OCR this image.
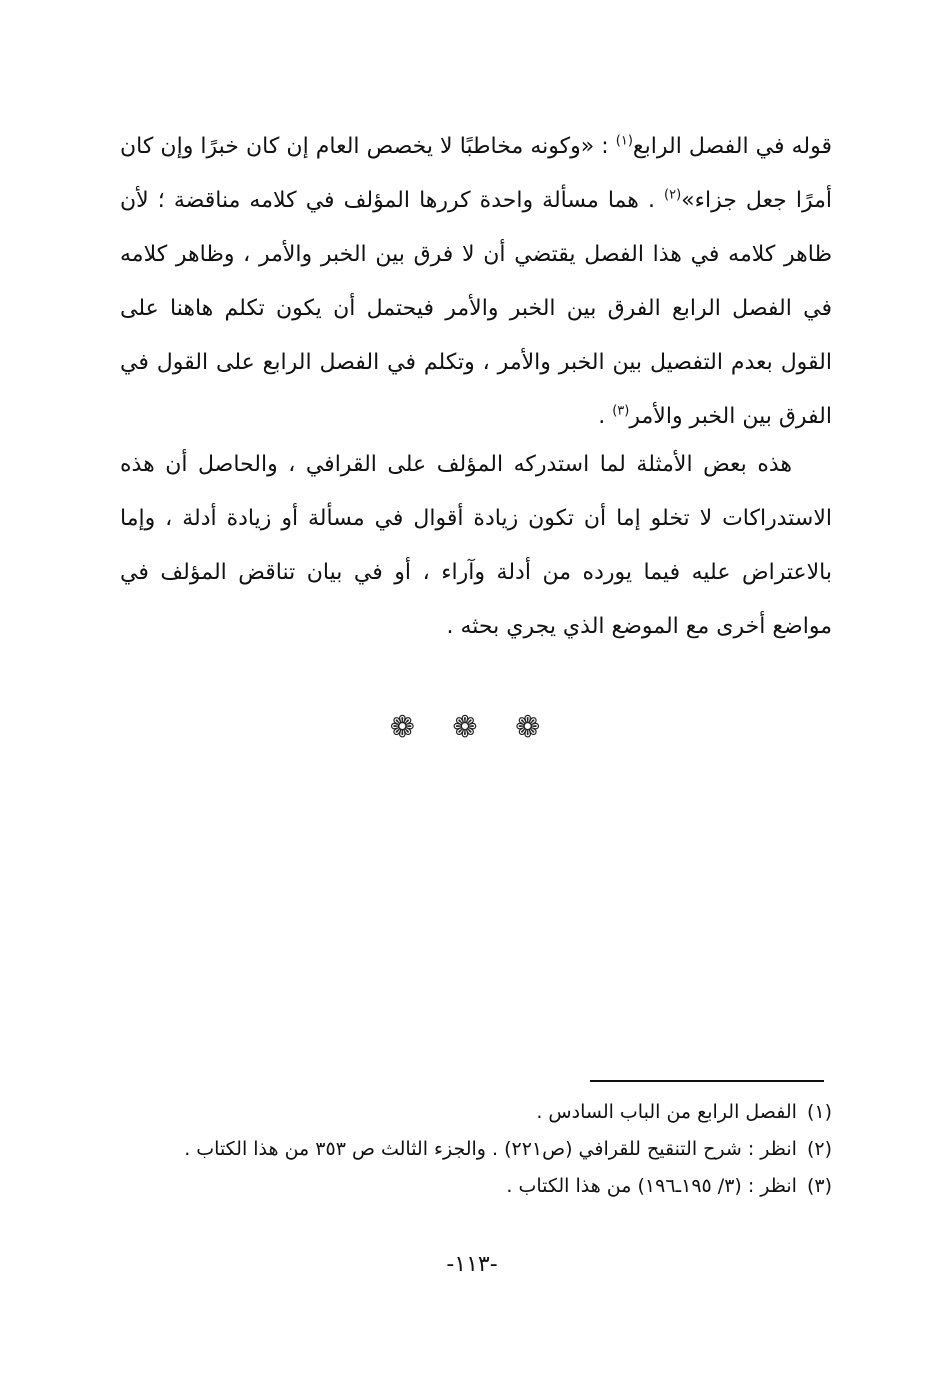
قوله في الفصل الرابع$^{(١)}$ : «وكونه مخاطبًا لا يخصص العام إن كان خبرًا وإن كان أمرًا جعل جزاء»$^{(٢)}$ . هما مسألة واحدة كررها المؤلف في كلامه مناقضة ؛ لأن ظاهر كلامه في هذا الفصل يقتضي أن لا فرق بين الخبر والأمر ، وظاهر كلامه في الفصل الرابع الفرق بين الخبر والأمر فيحتمل أن يكون تكلم هاهنا على القول بعدم التفصيل بين الخبر والأمر ، وتكلم في الفصل الرابع على القول في الفرق بين الخبر والأمر$^{(٣)}$ .

هذه بعض الأمثلة لما استدركه المؤلف على القرافي ، والحاصل أن هذه الاستدراكات لا تخلو إما أن تكون زيادة أقوال في مسألة أو زيادة أدلة ، وإما بالاعتراض عليه فيما يورده من أدلة وآراء ، أو في بيان تناقض المؤلف في مواضع أخرى مع الموضع الذي يجري بحثه .

❁ ❁ ❁
(١)الفصل الرابع من الباب السادس .
(٢)انظر : شرح التنقيح للقرافي (ص٢٢١) . والجزء الثالث ص ٣٥٣ من هذا الكتاب .
(٣)انظر : (٣/ ١٩٥ـ١٩٦) من هذا الكتاب .
-١١٣-
